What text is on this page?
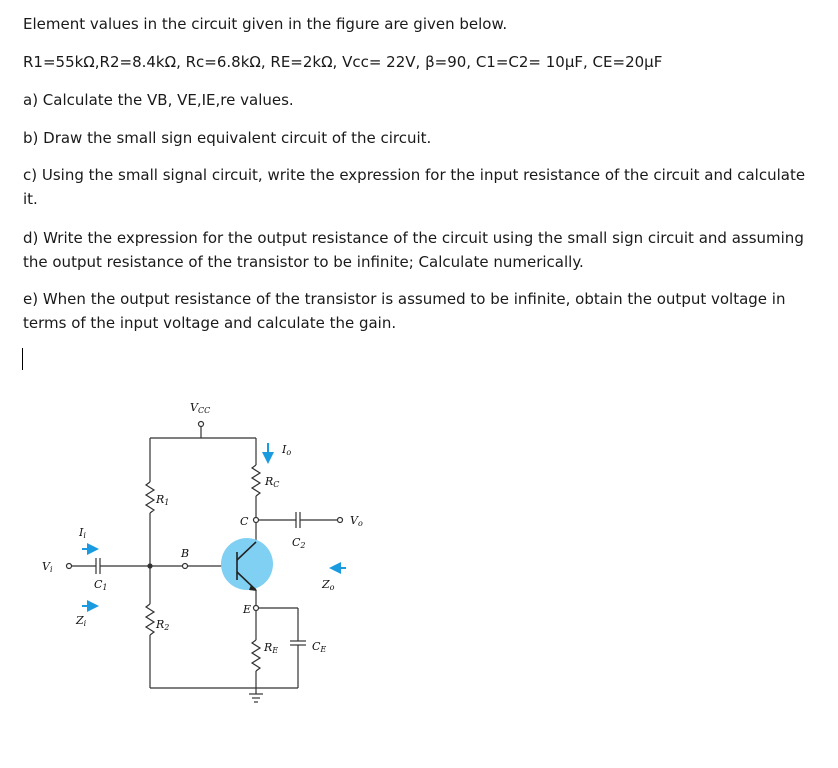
Element values in the circuit given in the figure are given below.
R1=55kΩ,R2=8.4kΩ, Rc=6.8kΩ, RE=2kΩ, Vcc= 22V, β=90, C1=C2= 10μF, CE=20μF
a) Calculate the VB, VE,IE,re values.
b) Draw the small sign equivalent circuit of the circuit.
c) Using the small signal circuit, write the expression for the input resistance of the circuit and calculate it.
d) Write the expression for the output resistance of the circuit using the small sign circuit and assuming the output resistance of the transistor to be infinite; Calculate numerically.
e) When the output resistance of the transistor is assumed to be infinite, obtain the output voltage in terms of the input voltage and calculate the gain.
VCC
Io
RC
R1
C
C2
Vo
Ii
B
Vi
C1	Zo
E
Zi	R2
RE	CE
